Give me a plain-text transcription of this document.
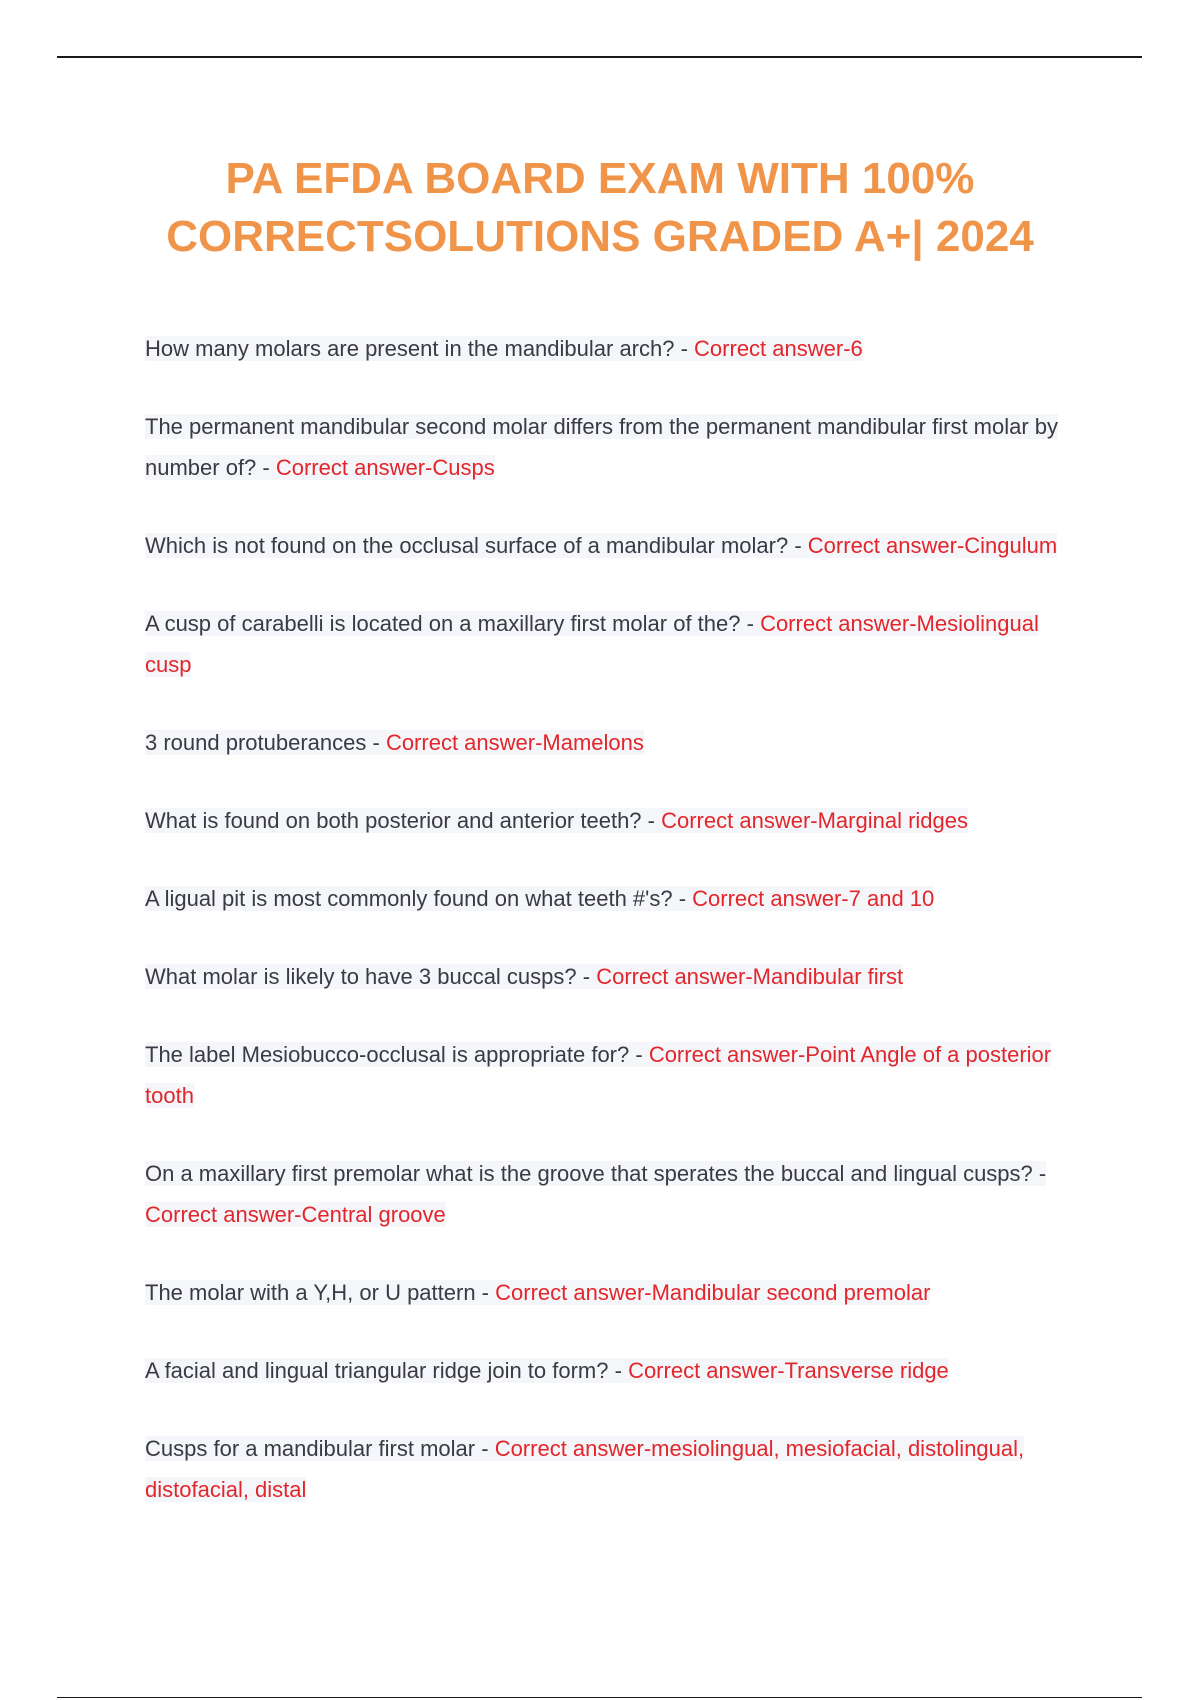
PA EFDA BOARD EXAM WITH 100%
CORRECTSOLUTIONS GRADED A+| 2024

How many molars are present in the mandibular arch? - Correct answer-6

The permanent mandibular second molar differs from the permanent mandibular first molar by number of? - Correct answer-Cusps

Which is not found on the occlusal surface of a mandibular molar? - Correct answer-Cingulum

A cusp of carabelli is located on a maxillary first molar of the? - Correct answer-Mesiolingual cusp

3 round protuberances - Correct answer-Mamelons

What is found on both posterior and anterior teeth? - Correct answer-Marginal ridges

A ligual pit is most commonly found on what teeth #'s? - Correct answer-7 and 10

What molar is likely to have 3 buccal cusps? - Correct answer-Mandibular first

The label Mesiobucco-occlusal is appropriate for? - Correct answer-Point Angle of a posterior tooth

On a maxillary first premolar what is the groove that sperates the buccal and lingual cusps? - Correct answer-Central groove

The molar with a Y,H, or U pattern - Correct answer-Mandibular second premolar

A facial and lingual triangular ridge join to form? - Correct answer-Transverse ridge

Cusps for a mandibular first molar - Correct answer-mesiolingual, mesiofacial, distolingual, distofacial, distal
